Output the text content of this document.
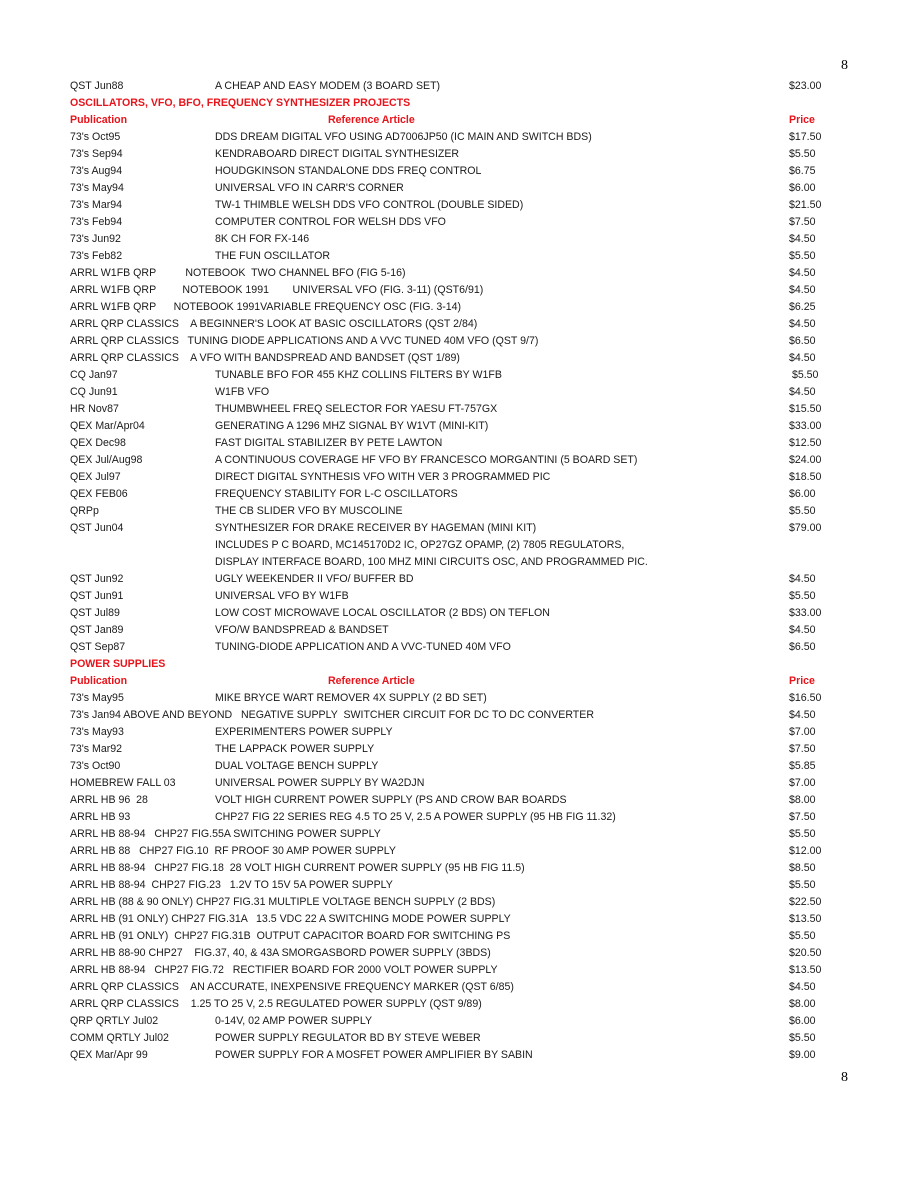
8
QST Jun88	A CHEAP AND EASY MODEM (3 BOARD SET)	$23.00
OSCILLATORS, VFO, BFO, FREQUENCY SYNTHESIZER PROJECTS
Publication	Reference Article	Price
73's Oct95	DDS DREAM DIGITAL VFO USING AD7006JP50 (IC MAIN AND SWITCH BDS)	$17.50
73's Sep94	KENDRABOARD DIRECT DIGITAL SYNTHESIZER	$5.50
73's Aug94	HOUDGKINSON STANDALONE DDS FREQ CONTROL	$6.75
73's May94	UNIVERSAL VFO IN CARR'S CORNER	$6.00
73's Mar94	TW-1 THIMBLE WELSH DDS VFO CONTROL (DOUBLE SIDED)	$21.50
73's Feb94	COMPUTER CONTROL FOR WELSH DDS VFO	$7.50
73's Jun92	8K CH FOR FX-146	$4.50
73's Feb82	THE FUN OSCILLATOR	$5.50
ARRL W1FB QRP          NOTEBOOK  TWO CHANNEL BFO (FIG 5-16)	$4.50
ARRL W1FB QRP         NOTEBOOK 1991        UNIVERSAL VFO (FIG. 3-11) (QST6/91)	$4.50
ARRL W1FB QRP      NOTEBOOK 1991VARIABLE FREQUENCY OSC (FIG. 3-14)	$6.25
ARRL QRP CLASSICS    A BEGINNER'S LOOK AT BASIC OSCILLATORS (QST 2/84)	$4.50
ARRL QRP CLASSICS   TUNING DIODE APPLICATIONS AND A VVC TUNED 40M VFO (QST 9/7)	$6.50
ARRL QRP CLASSICS    A VFO WITH BANDSPREAD AND BANDSET (QST 1/89)	$4.50
CQ Jan97	TUNABLE BFO FOR 455 KHZ COLLINS FILTERS BY W1FB	$5.50
CQ Jun91	W1FB VFO	$4.50
HR Nov87	THUMBWHEEL FREQ SELECTOR FOR YAESU FT-757GX	$15.50
QEX Mar/Apr04	GENERATING A 1296 MHZ SIGNAL BY W1VT (MINI-KIT)	$33.00
QEX Dec98	FAST DIGITAL STABILIZER BY PETE LAWTON	$12.50
QEX Jul/Aug98	A CONTINUOUS COVERAGE HF VFO BY FRANCESCO MORGANTINI (5 BOARD SET)	$24.00
QEX Jul97	DIRECT DIGITAL SYNTHESIS VFO WITH VER 3 PROGRAMMED PIC	$18.50
QEX FEB06	FREQUENCY STABILITY FOR L-C OSCILLATORS	$6.00
QRPp	THE CB SLIDER VFO BY MUSCOLINE	$5.50
QST Jun04	SYNTHESIZER FOR DRAKE RECEIVER BY HAGEMAN (MINI KIT)	$79.00
INCLUDES P C BOARD, MC145170D2 IC, OP27GZ OPAMP, (2) 7805 REGULATORS,
DISPLAY INTERFACE BOARD, 100 MHZ MINI CIRCUITS OSC, AND PROGRAMMED PIC.
QST Jun92	UGLY WEEKENDER II VFO/ BUFFER BD	$4.50
QST Jun91	UNIVERSAL VFO BY W1FB	$5.50
QST Jul89	LOW COST MICROWAVE LOCAL OSCILLATOR (2 BDS) ON TEFLON	$33.00
QST Jan89	VFO/W BANDSPREAD & BANDSET	$4.50
QST Sep87	TUNING-DIODE APPLICATION AND A VVC-TUNED 40M VFO	$6.50
POWER SUPPLIES
Publication	Reference Article	Price
73's May95	MIKE BRYCE WART REMOVER 4X SUPPLY (2 BD SET)	$16.50
73's Jan94 ABOVE AND BEYOND   NEGATIVE SUPPLY  SWITCHER CIRCUIT FOR DC TO DC CONVERTER	$4.50
73's May93	EXPERIMENTERS POWER SUPPLY	$7.00
73's Mar92	THE LAPPACK POWER SUPPLY	$7.50
73's Oct90	DUAL VOLTAGE BENCH SUPPLY	$5.85
HOMEBREW FALL 03	UNIVERSAL POWER SUPPLY BY WA2DJN	$7.00
ARRL HB 96  28	VOLT HIGH CURRENT POWER SUPPLY (PS AND CROW BAR BOARDS	$8.00
ARRL HB 93	CHP27 FIG 22 SERIES REG 4.5 TO 25 V, 2.5 A POWER SUPPLY (95 HB FIG 11.32)	$7.50
ARRL HB 88-94   CHP27 FIG.55A SWITCHING POWER SUPPLY	$5.50
ARRL HB 88   CHP27 FIG.10  RF PROOF 30 AMP POWER SUPPLY	$12.00
ARRL HB 88-94   CHP27 FIG.18  28 VOLT HIGH CURRENT POWER SUPPLY (95 HB FIG 11.5)	$8.50
ARRL HB 88-94  CHP27 FIG.23   1.2V TO 15V 5A POWER SUPPLY	$5.50
ARRL HB (88 & 90 ONLY) CHP27 FIG.31 MULTIPLE VOLTAGE BENCH SUPPLY (2 BDS)	$22.50
ARRL HB (91 ONLY) CHP27 FIG.31A   13.5 VDC 22 A SWITCHING MODE POWER SUPPLY	$13.50
ARRL HB (91 ONLY)  CHP27 FIG.31B  OUTPUT CAPACITOR BOARD FOR SWITCHING PS	$5.50
ARRL HB 88-90 CHP27    FIG.37, 40, & 43A SMORGASBORD POWER SUPPLY (3BDS)	$20.50
ARRL HB 88-94   CHP27 FIG.72   RECTIFIER BOARD FOR 2000 VOLT POWER SUPPLY	$13.50
ARRL QRP CLASSICS    AN ACCURATE, INEXPENSIVE FREQUENCY MARKER (QST 6/85)	$4.50
ARRL QRP CLASSICS    1.25 TO 25 V, 2.5 REGULATED POWER SUPPLY (QST 9/89)	$8.00
QRP QRTLY Jul02	0-14V, 02 AMP POWER SUPPLY	$6.00
COMM QRTLY Jul02	POWER SUPPLY REGULATOR BD BY STEVE WEBER	$5.50
QEX Mar/Apr 99	POWER SUPPLY FOR A MOSFET POWER AMPLIFIER BY SABIN	$9.00
8
